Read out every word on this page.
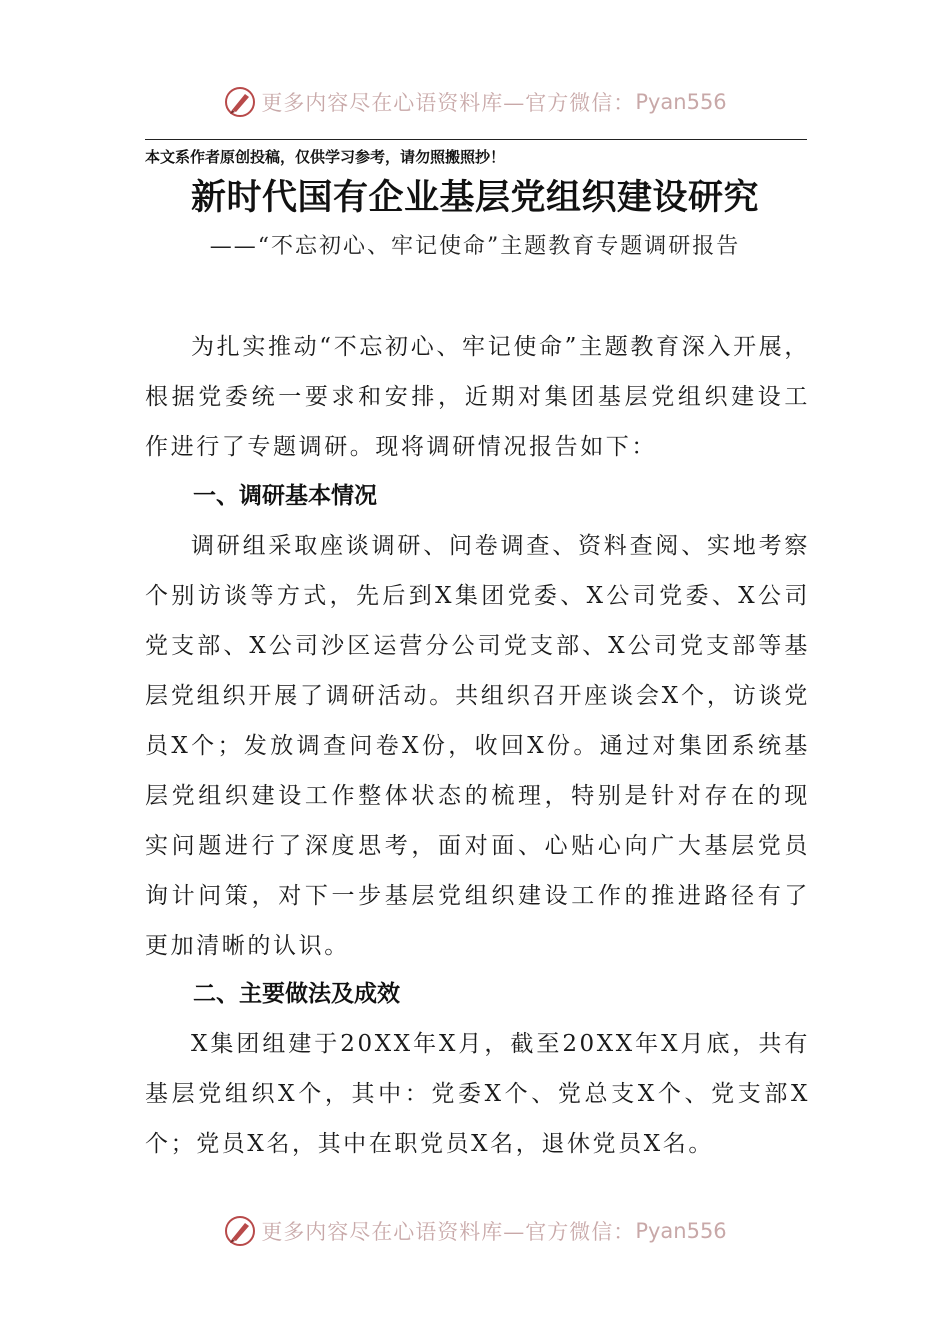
更多内容尽在心语资料库—官方微信： Pyan556
本文系作者原创投稿，仅供学习参考，请勿照搬照抄！
新时代国有企业基层党组织建设研究
——“不忘初心、牢记使命”主题教育专题调研报告

为扎实推动“不忘初心、牢记使命”主题教育深入开展，根据党委统一要求和安排，近期对集团基层党组织建设工作进行了专题调研。现将调研情况报告如下：

一、调研基本情况

调研组采取座谈调研、问卷调查、资料查阅、实地考察个别访谈等方式，先后到X集团党委、X公司党委、X公司党支部、X公司沙区运营分公司党支部、X公司党支部等基层党组织开展了调研活动。共组织召开座谈会X个，访谈党员X个；发放调查问卷X份，收回X份。通过对集团系统基层党组织建设工作整体状态的梳理，特别是针对存在的现实问题进行了深度思考，面对面、心贴心向广大基层党员询计问策，对下一步基层党组织建设工作的推进路径有了更加清晰的认识。

二、主要做法及成效

X集团组建于20XX年X月，截至20XX年X月底，共有基层党组织X个，其中：党委X个、党总支X个、党支部X个；党员X名，其中在职党员X名，退休党员X名。

更多内容尽在心语资料库—官方微信： Pyan556
